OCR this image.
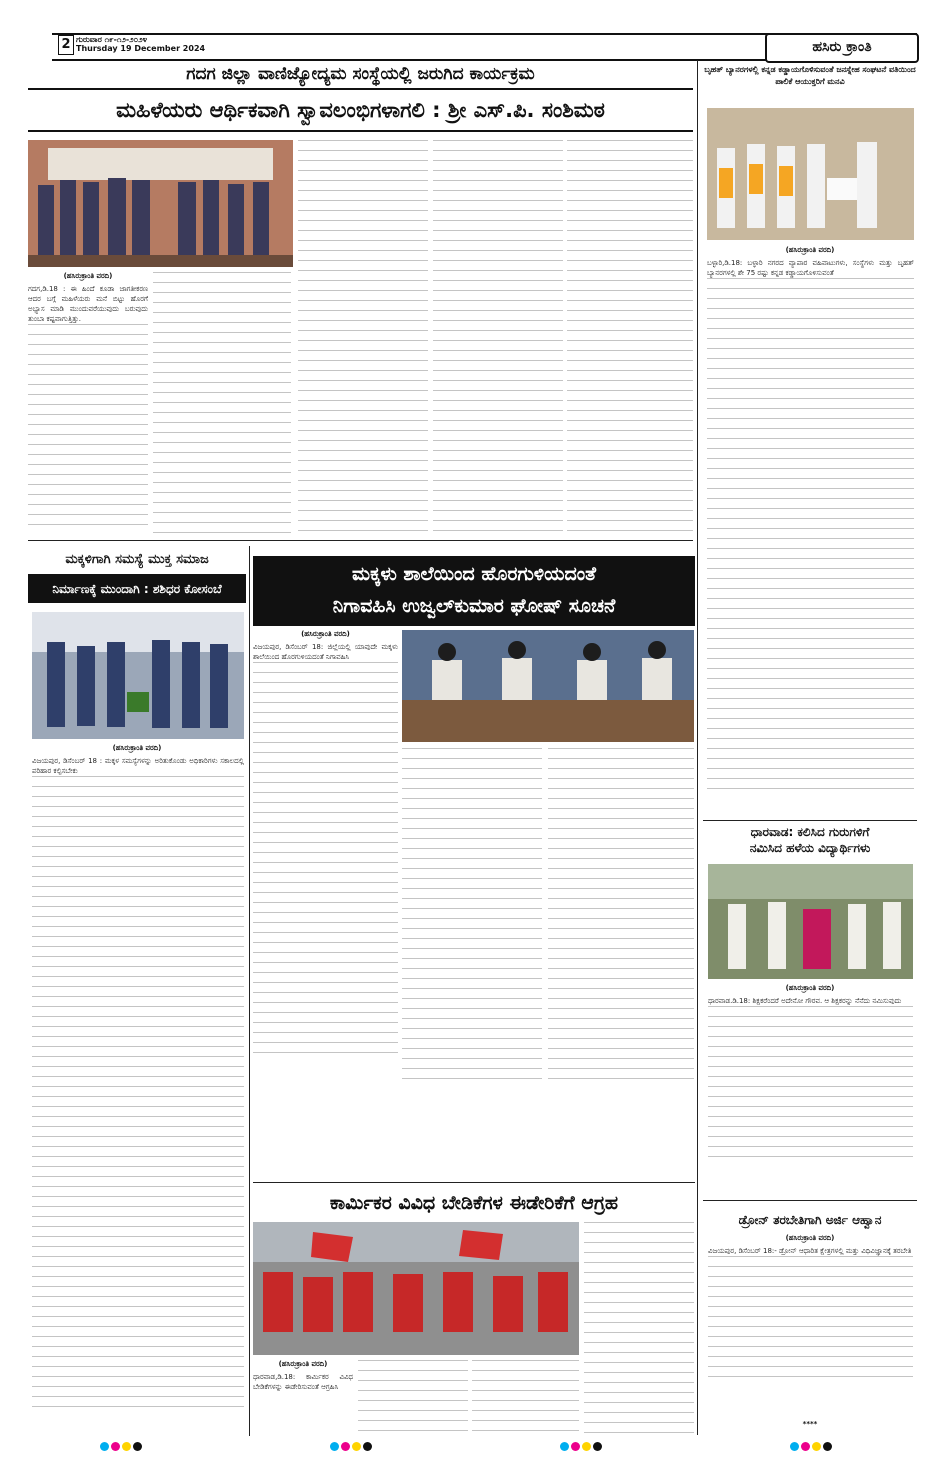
2 ಗುರುವಾರ ೧೯-೧೨-೨೦೨೪
Thursday 19 December 2024	ಹಸಿರು ಕ್ರಾಂತಿ
ಗದಗ ಜಿಲ್ಲಾ ವಾಣಿಜ್ಯೋದ್ಯಮ ಸಂಸ್ಥೆಯಲ್ಲಿ ಜರುಗಿದ ಕಾರ್ಯಕ್ರಮ
ಮಹಿಳೆಯರು ಆರ್ಥಿಕವಾಗಿ ಸ್ವಾವಲಂಭಿಗಳಾಗಲಿ : ಶ್ರೀ ಎಸ್.ಪಿ. ಸಂಶಿಮಠ
(ಹಸಿರುಕ್ರಾಂತಿ ವರದಿ)

ಗದಗ,ಡಿ.18 : ಈ ಹಿಂದೆ ಕೂಡಾ ಜಾಗತೀಕರಣ ಆದರ ಬಗ್ಗೆ ಮಹಿಳೆಯರು ಮನೆ ಬಿಟ್ಟು ಹೊರಗೆ ಅಭ್ಯಾಸ ಮಾಡಿ ಮುಂದುವರೆಯುವುದು ಬರುವುದು ತುಂಬಾ ಕಷ್ಟವಾಗುತ್ತಿತ್ತು.

ಮಕ್ಕಳಿಗಾಗಿ ಸಮಸ್ಯೆ ಮುಕ್ತ ಸಮಾಜ
ನಿರ್ಮಾಣಕ್ಕೆ ಮುಂದಾಗಿ : ಶಶಿಧರ ಕೋಸಂಬೆ
(ಹಸಿರುಕ್ರಾಂತಿ ವರದಿ)

ವಿಜಯಪುರ, ಡಿಸೆಂಬರ್ 18 : ಮಕ್ಕಳ ಸಮಸ್ಯೆಗಳನ್ನು ಅರಿತುಕೊಂಡು ಅಧಿಕಾರಿಗಳು ಸಕಾಲದಲ್ಲಿ ಪರಿಹಾರ ಕಲ್ಪಿಸಬೇಕು

ಮಕ್ಕಳು ಶಾಲೆಯಿಂದ ಹೊರಗುಳಿಯದಂತೆ
ನಿಗಾವಹಿಸಿ ಉಜ್ವಲ್‌ಕುಮಾರ ಘೋಷ್ ಸೂಚನೆ
(ಹಸಿರುಕ್ರಾಂತಿ ವರದಿ)

ವಿಜಯಪುರ, ಡಿಸೆಂಬರ್ 18: ಜಿಲ್ಲೆಯಲ್ಲಿ ಯಾವುದೇ ಮಕ್ಕಳು ಶಾಲೆಯಿಂದ ಹೊರಗುಳಿಯದಂತೆ ನಿಗಾವಹಿಸಿ

ಕಾರ್ಮಿಕರ ವಿವಿಧ ಬೇಡಿಕೆಗಳ ಈಡೇರಿಕೆಗೆ ಆಗ್ರಹ
(ಹಸಿರುಕ್ರಾಂತಿ ವರದಿ)

ಧಾರವಾಡ,ಡಿ.18: ಕಾರ್ಮಿಕರ ವಿವಿಧ ಬೇಡಿಕೆಗಳನ್ನು ಈಡೇರಿಸುವಂತೆ ಆಗ್ರಹಿಸಿ

ಬೃಹತ್ ಬ್ಯಾನರಗಳಲ್ಲಿ ಕನ್ನಡ ಕಡ್ಡಾಯಗೊಳಿಸುವಂತೆ ಜನಸ್ನೇಹ ಸಂಘಟನೆ ವತಿಯಿಂದ ಪಾಲಿಕೆ ಆಯುಕ್ತರಿಗೆ ಮನವಿ
(ಹಸಿರುಕ್ರಾಂತಿ ವರದಿ)

ಬಳ್ಳಾರಿ,ಡಿ.18: ಬಳ್ಳಾರಿ ನಗರದ ವ್ಯಾಪಾರ ವಹಿವಾಟುಗಳು, ಸಂಸ್ಥೆಗಳು ಮತ್ತು ಬೃಹತ್ ಬ್ಯಾನರಗಳಲ್ಲಿ ಶೇ 75 ರಷ್ಟು ಕನ್ನಡ ಕಡ್ಡಾಯಗೊಳಿಸುವಂತೆ

ಧಾರವಾಡ: ಕಲಿಸಿದ ಗುರುಗಳಿಗೆ
ನಮಿಸಿದ ಹಳೆಯ ವಿದ್ಯಾರ್ಥಿಗಳು
(ಹಸಿರುಕ್ರಾಂತಿ ವರದಿ)

ಧಾರವಾಡ.ಡಿ.18: ಶಿಕ್ಷಕರೆಂದರೆ ಅದೇನೋ ಗೌರವ. ಆ ಶಿಕ್ಷಕರನ್ನು ನೆನೆದು ನಮಿಸುವುದು

ಡ್ರೋನ್ ತರಬೇತಿಗಾಗಿ ಅರ್ಜಿ ಆಹ್ವಾನ
(ಹಸಿರುಕ್ರಾಂತಿ ವರದಿ)

ವಿಜಯಪುರ, ಡಿಸೆಂಬರ್ 18:- ಡ್ರೋನ್ ಆಧಾರಿತ ಕ್ಷೇತ್ರಗಳಲ್ಲಿ ಮತ್ತು ವಿಧಿವಿಜ್ಞಾನಕ್ಕೆ ತರಬೇತಿ

****
